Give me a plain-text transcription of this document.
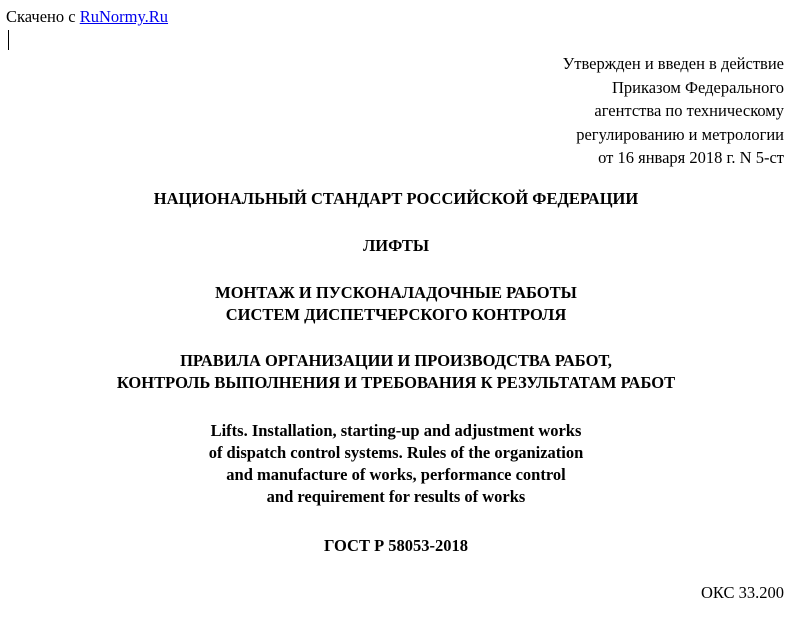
Скачено с RuNormy.Ru
Утвержден и введен в действие
Приказом Федерального
агентства по техническому
регулированию и метрологии
от 16 января 2018 г. N 5-ст
НАЦИОНАЛЬНЫЙ СТАНДАРТ РОССИЙСКОЙ ФЕДЕРАЦИИ
ЛИФТЫ
МОНТАЖ И ПУСКОНАЛАДОЧНЫЕ РАБОТЫ
СИСТЕМ ДИСПЕТЧЕРСКОГО КОНТРОЛЯ
ПРАВИЛА ОРГАНИЗАЦИИ И ПРОИЗВОДСТВА РАБОТ,
КОНТРОЛЬ ВЫПОЛНЕНИЯ И ТРЕБОВАНИЯ К РЕЗУЛЬТАТАМ РАБОТ
Lifts. Installation, starting-up and adjustment works
of dispatch control systems. Rules of the organization
and manufacture of works, performance control
and requirement for results of works
ГОСТ Р 58053-2018
ОКС 33.200
